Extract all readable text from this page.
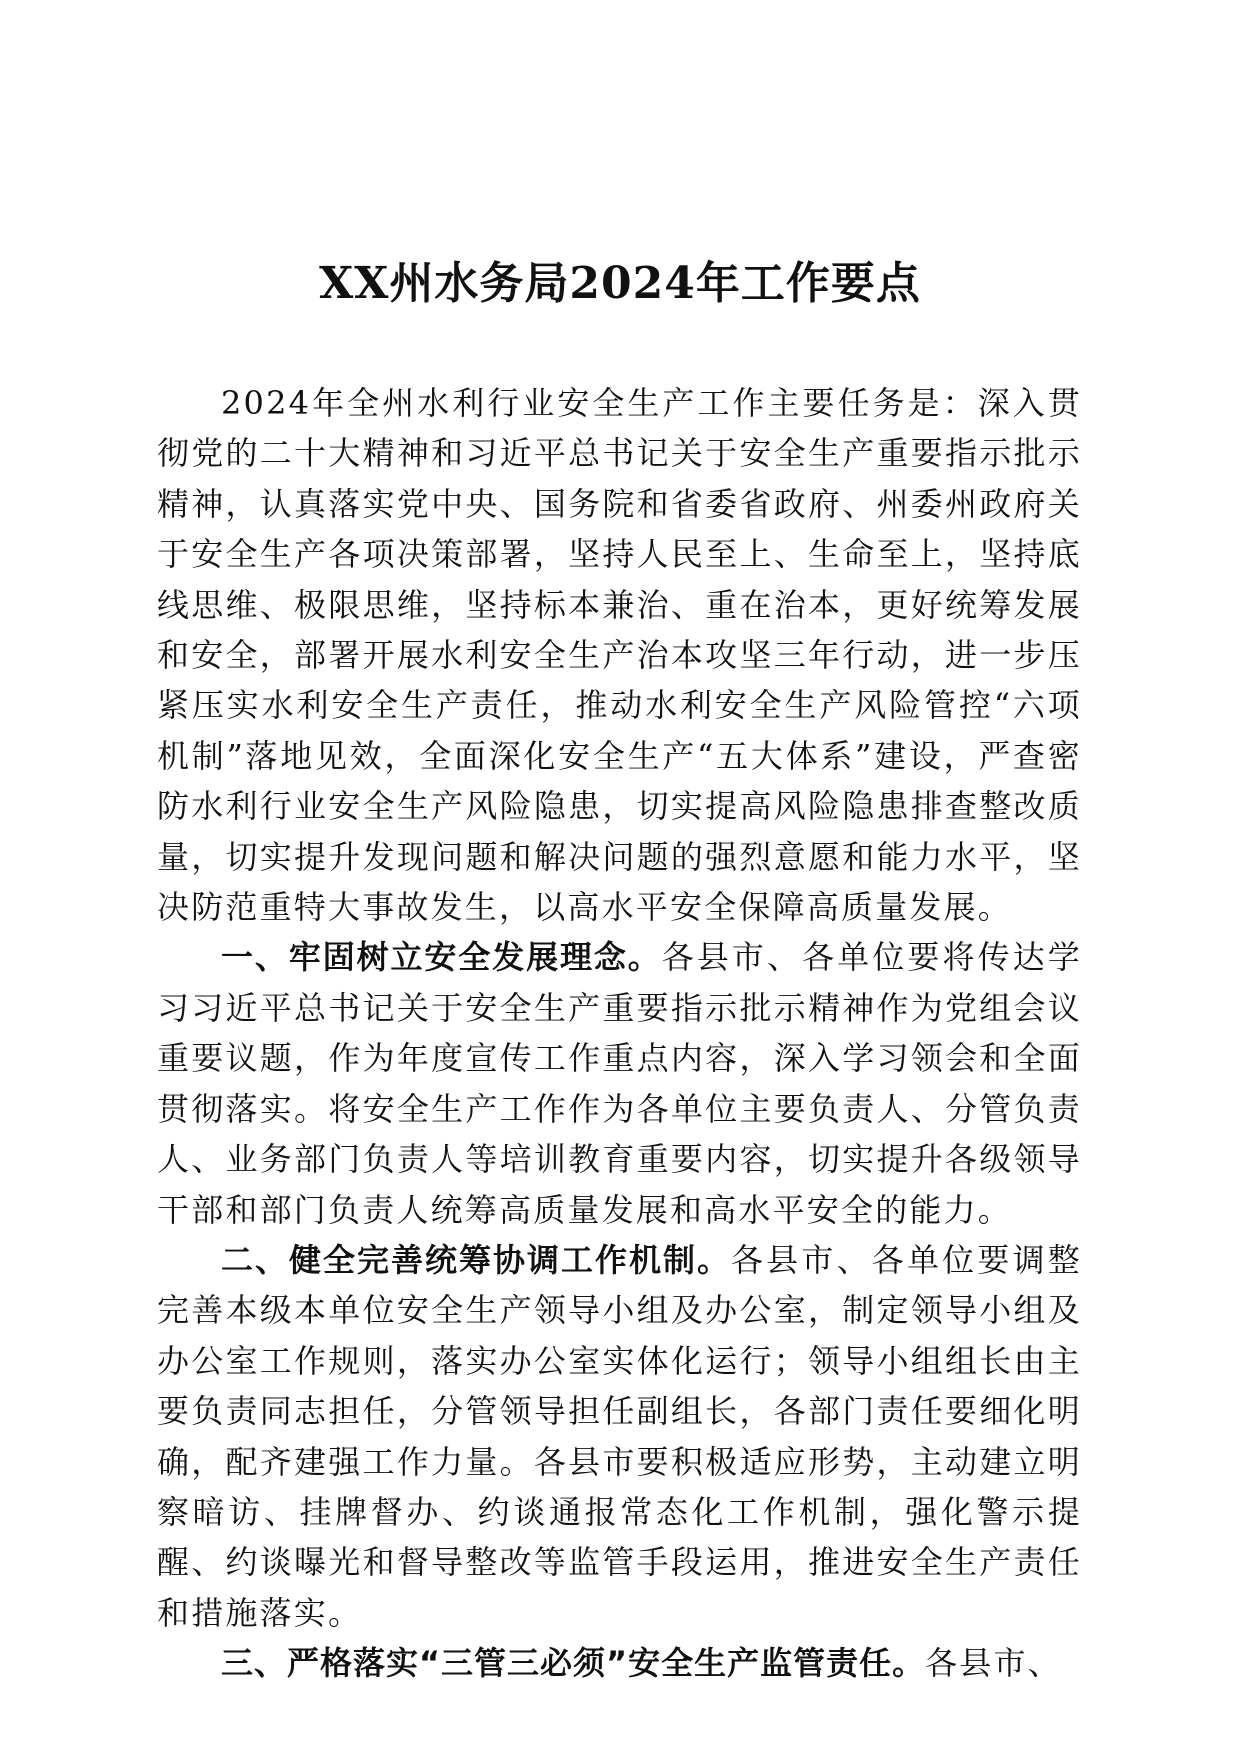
XX州水务局2024年工作要点

2024年全州水利行业安全生产工作主要任务是：深入贯彻党的二十大精神和习近平总书记关于安全生产重要指示批示精神，认真落实党中央、国务院和省委省政府、州委州政府关于安全生产各项决策部署，坚持人民至上、生命至上，坚持底线思维、极限思维，坚持标本兼治、重在治本，更好统筹发展和安全，部署开展水利安全生产治本攻坚三年行动，进一步压紧压实水利安全生产责任，推动水利安全生产风险管控“六项机制”落地见效，全面深化安全生产“五大体系”建设，严查密防水利行业安全生产风险隐患，切实提高风险隐患排查整改质量，切实提升发现问题和解决问题的强烈意愿和能力水平，坚决防范重特大事故发生，以高水平安全保障高质量发展。

一、牢固树立安全发展理念。各县市、各单位要将传达学习习近平总书记关于安全生产重要指示批示精神作为党组会议重要议题，作为年度宣传工作重点内容，深入学习领会和全面贯彻落实。将安全生产工作作为各单位主要负责人、分管负责人、业务部门负责人等培训教育重要内容，切实提升各级领导干部和部门负责人统筹高质量发展和高水平安全的能力。

二、健全完善统筹协调工作机制。各县市、各单位要调整完善本级本单位安全生产领导小组及办公室，制定领导小组及办公室工作规则，落实办公室实体化运行；领导小组组长由主要负责同志担任，分管领导担任副组长，各部门责任要细化明确，配齐建强工作力量。各县市要积极适应形势，主动建立明察暗访、挂牌督办、约谈通报常态化工作机制，强化警示提醒、约谈曝光和督导整改等监管手段运用，推进安全生产责任和措施落实。

三、严格落实“三管三必须”安全生产监管责任。各县市、
